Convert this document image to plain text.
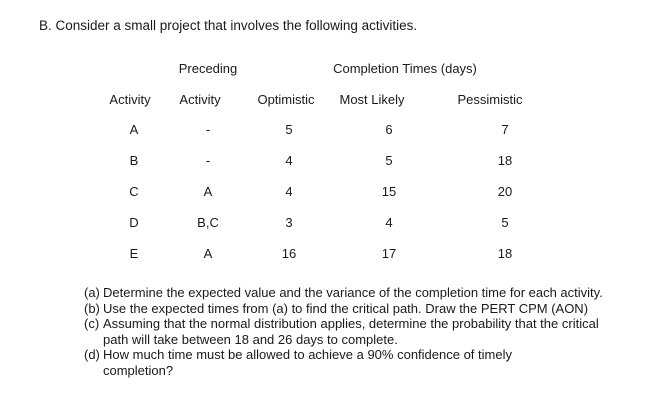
B. Consider a small project that involves the following activities.
Preceding	Completion Times (days)
Activity Activity	Optimistic Most Likely	Pessimistic
A	-	5	6	7
B	-	4	5	18
C	A	4	15	20
D	B,C	3	4	5
E	A	16	17	18
(a) Determine the expected value and the variance of the completion time for each activity.
(b) Use the expected times from (a) to find the critical path. Draw the PERT CPM (AON)
(c) Assuming that the normal distribution applies, determine the probability that the critical path will take between 18 and 26 days to complete.
(d) How much time must be allowed to achieve a 90% confidence of timely completion?
